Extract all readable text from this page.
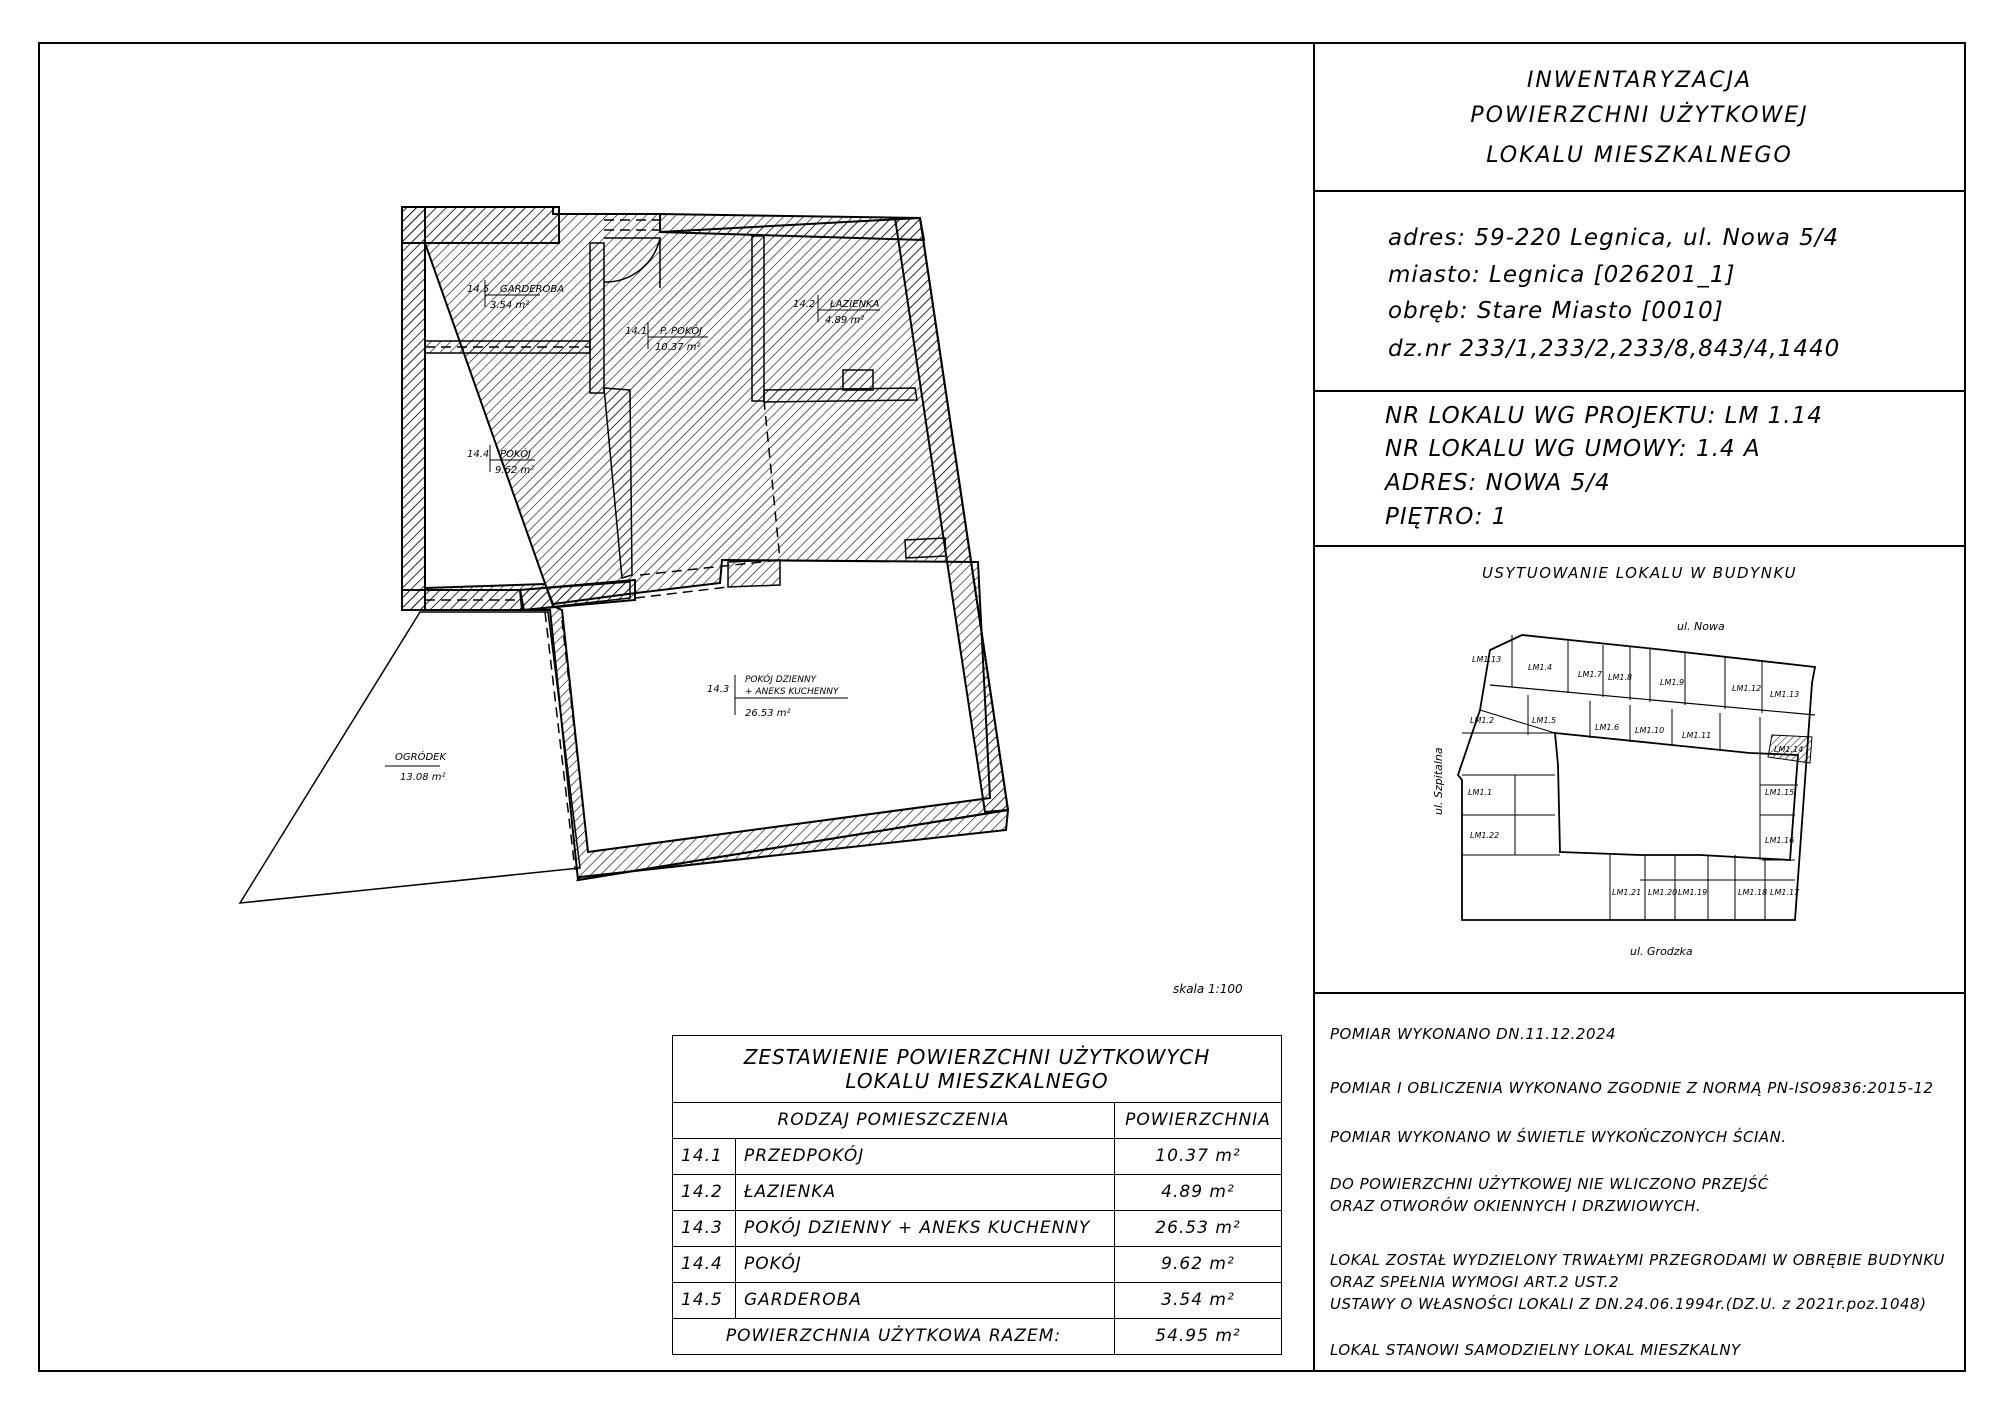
INWENTARYZACJA
POWIERZCHNI UŻYTKOWEJ
LOKALU MIESZKALNEGO
adres: 59-220 Legnica, ul. Nowa 5/4
miasto: Legnica [026201_1]
obręb: Stare Miasto [0010]
dz.nr 233/1,233/2,233/8,843/4,1440
NR LOKALU WG PROJEKTU: LM 1.14
NR LOKALU WG UMOWY: 1.4 A
ADRES: NOWA 5/4
PIĘTRO: 1
USYTUOWANIE LOKALU W BUDYNKU
LM1.13
LM1.4
LM1.7 LM1.8
LM1.9
LM1.12
LM1.13
LM1.2	LM1.5
LM1.6 LM1.10
LM1.11
LM1.14
LM1.1	LM1.15
LM1.22
LM1.16
LM1.21 LM1.20 LM1.19	LM1.18 LM1.17
ul. Nowa
ul. Szpitalna
ul. Grodzka
14.5 GARDEROBA
3.54 m²
14.1 P. POKÓJ
10.37 m²
14.2 ŁAZIENKA
4.89 m²
14.4 POKÓJ
9.62 m²
14.3
POKÓJ DZIENNY
+ ANEKS KUCHENNY
26.53 m²
OGRÓDEK
13.08 m²
skala 1:100
ZESTAWIENIE POWIERZCHNI UŻYTKOWYCH
LOKALU MIESZKALNEGO		

RODZAJ POMIESZCZENIA		POWIERZCHNIA
14.1	PRZEDPOKÓJ	10.37 m²
14.2	ŁAZIENKA	4.89 m²
14.3	POKÓJ DZIENNY + ANEKS KUCHENNY	26.53 m²
14.4	POKÓJ	9.62 m²
14.5	GARDEROBA	3.54 m²
POWIERZCHNIA UŻYTKOWA RAZEM:		54.95 m²
POMIAR WYKONANO DN.11.12.2024
POMIAR I OBLICZENIA WYKONANO ZGODNIE Z NORMĄ PN-ISO9836:2015-12
POMIAR WYKONANO W ŚWIETLE WYKOŃCZONYCH ŚCIAN.
DO POWIERZCHNI UŻYTKOWEJ NIE WLICZONO PRZEJŚĆ
ORAZ OTWORÓW OKIENNYCH I DRZWIOWYCH.
LOKAL ZOSTAŁ WYDZIELONY TRWAŁYMI PRZEGRODAMI W OBRĘBIE BUDYNKU
ORAZ SPEŁNIA WYMOGI ART.2 UST.2
USTAWY O WŁASNOŚCI LOKALI Z DN.24.06.1994r.(DZ.U. z 2021r.poz.1048)
LOKAL STANOWI SAMODZIELNY LOKAL MIESZKALNY
